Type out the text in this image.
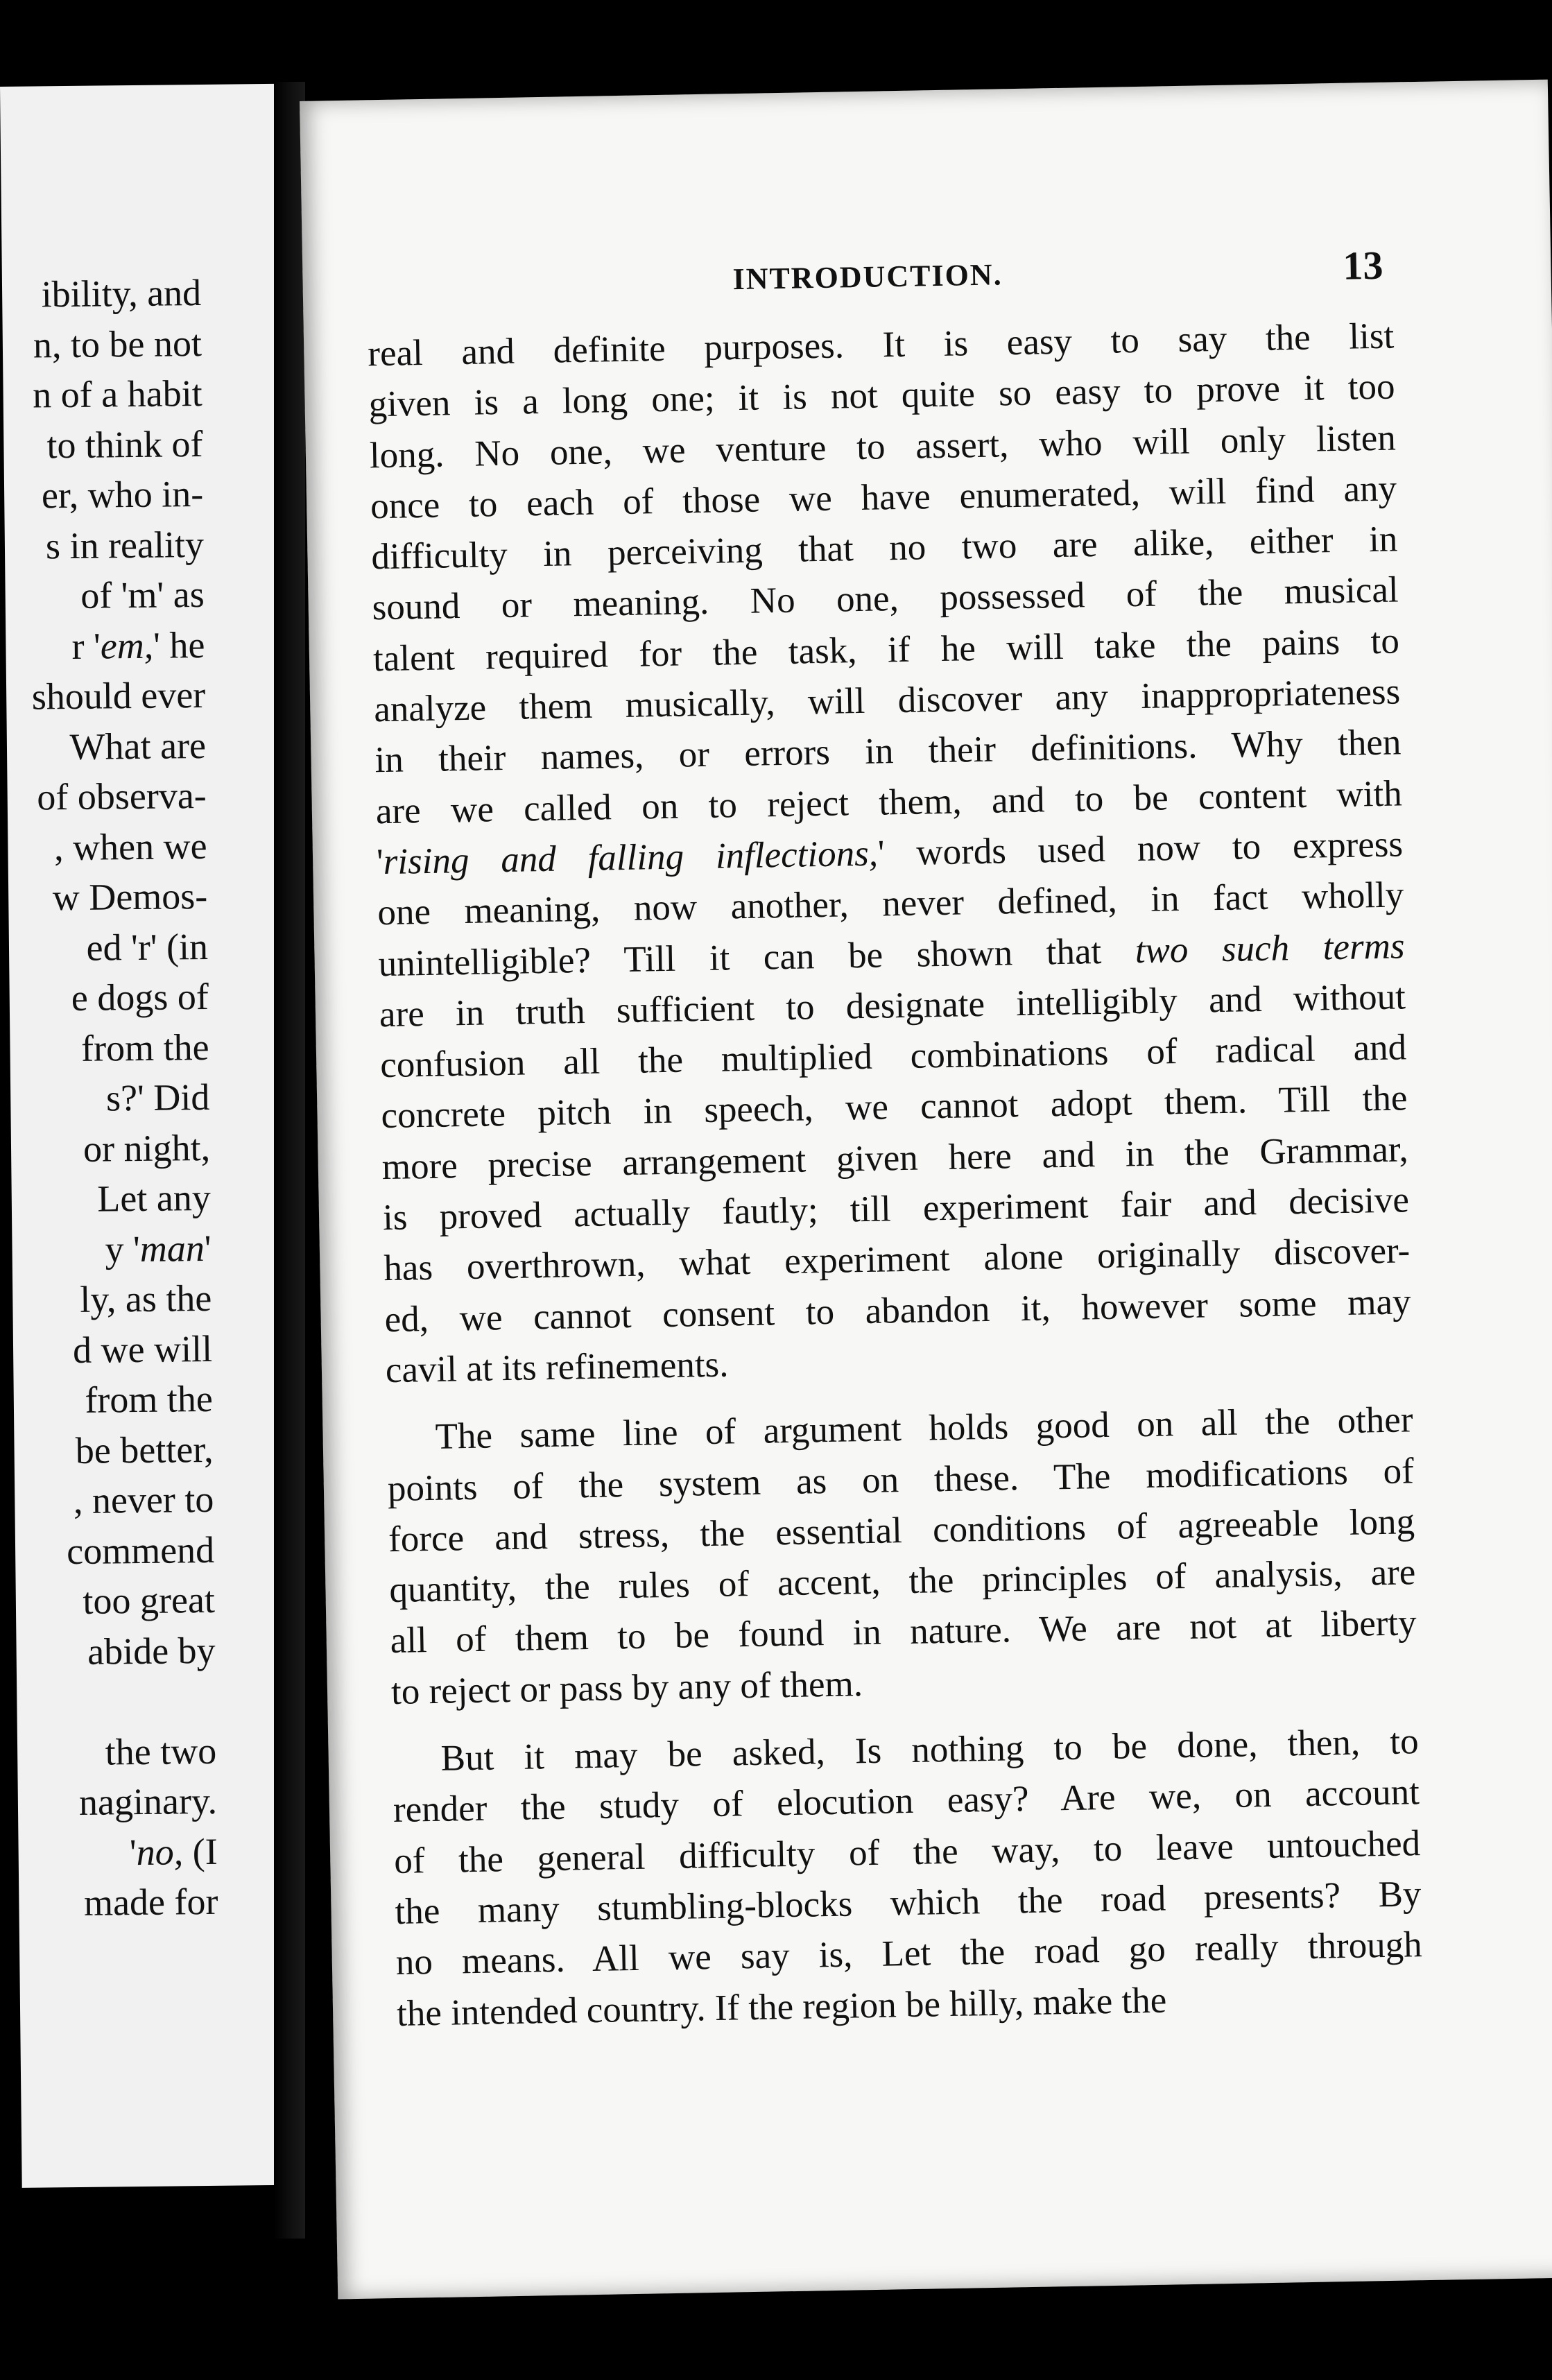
ibility, and
n, to be not
n of a habit
to think of
er, who in-
s in reality
of 'm' as
r 'em,' he
should ever
What are
of observa-
, when we
w Demos-
ed 'r' (in
e dogs of
from the
s?' Did
or night,
Let any
y 'man'
ly, as the
d we will
from the
be better,
, never to
commend
too great
abide by
the two
naginary.
'no, (I
made for
INTRODUCTION.	13
real and definite purposes. It is easy to say the list
given is a long one; it is not quite so easy to prove it too
long. No one, we venture to assert, who will only listen
once to each of those we have enumerated, will find any
difficulty in perceiving that no two are alike, either in
sound or meaning. No one, possessed of the musical
talent required for the task, if he will take the pains to
analyze them musically, will discover any inappropriateness
in their names, or errors in their definitions. Why then
are we called on to reject them, and to be content with
'rising and falling inflections,' words used now to express
one meaning, now another, never defined, in fact wholly
unintelligible? Till it can be shown that two such terms
are in truth sufficient to designate intelligibly and without
confusion all the multiplied combinations of radical and
concrete pitch in speech, we cannot adopt them. Till the
more precise arrangement given here and in the Grammar,
is proved actually fautly; till experiment fair and decisive
has overthrown, what experiment alone originally discover-
ed, we cannot consent to abandon it, however some may
cavil at its refinements.
The same line of argument holds good on all the other
points of the system as on these. The modifications of
force and stress, the essential conditions of agreeable long
quantity, the rules of accent, the principles of analysis, are
all of them to be found in nature. We are not at liberty
to reject or pass by any of them.
But it may be asked, Is nothing to be done, then, to
render the study of elocution easy? Are we, on account
of the general difficulty of the way, to leave untouched
the many stumbling-blocks which the road presents? By
no means. All we say is, Let the road go really through
the intended country. If the region be hilly, make the
